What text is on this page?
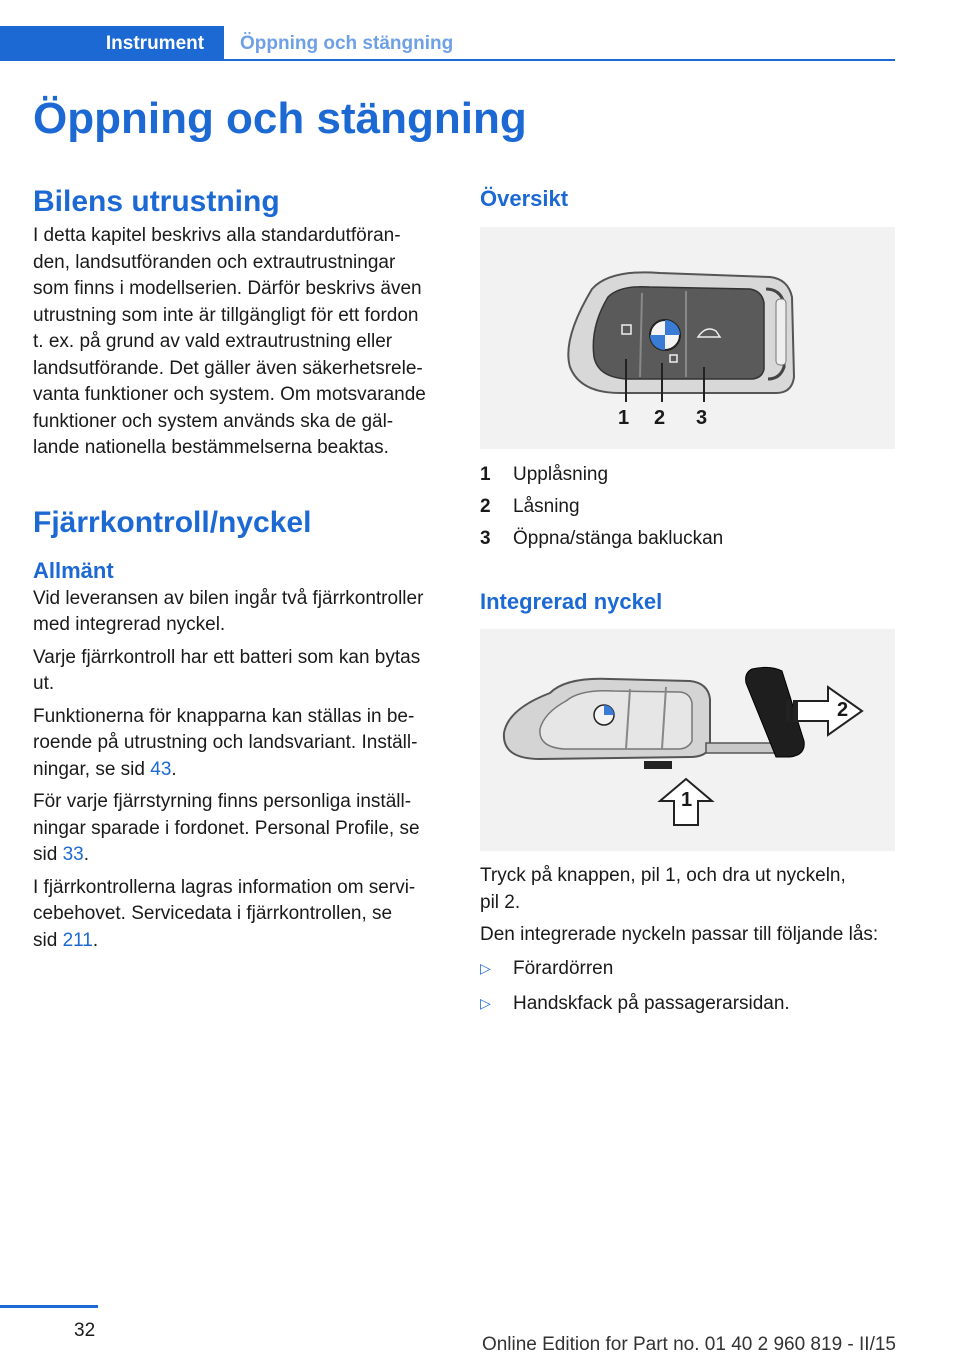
Instrument	Öppning och stängning
Öppning och stängning
Bilens utrustning

I detta kapitel beskrivs alla standardutföran‐
den, landsutföranden och extrautrustningar
som finns i modellserien. Därför beskrivs även
utrustning som inte är tillgängligt för ett fordon
t. ex. på grund av vald extrautrustning eller
landsutförande. Det gäller även säkerhetsrele‐
vanta funktioner och system. Om motsvarande
funktioner och system används ska de gäl‐
lande nationella bestämmelserna beaktas.

Fjärrkontroll/nyckel
Allmänt

Vid leveransen av bilen ingår två fjärrkontroller
med integrerad nyckel.

Varje fjärrkontroll har ett batteri som kan bytas
ut.

Funktionerna för knapparna kan ställas in be‐
roende på utrustning och landsvariant. Inställ‐
ningar, se sid 43.

För varje fjärrstyrning finns personliga inställ‐
ningar sparade i fordonet. Personal Profile, se
sid 33.

I fjärrkontrollerna lagras information om servi‐
cebehovet. Servicedata i fjärrkontrollen, se
sid 211.

Översikt
1 2 3
1	Upplåsning
2	Låsning
3	Öppna/stänga bakluckan
Integrerad nyckel
1
2

Tryck på knappen, pil 1, och dra ut nyckeln,
pil 2.

Den integrerade nyckeln passar till följande lås:

▷	Förardörren
▷	Handskfack på passagerarsidan.
32
Online Edition for Part no. 01 40 2 960 819 - II/15
